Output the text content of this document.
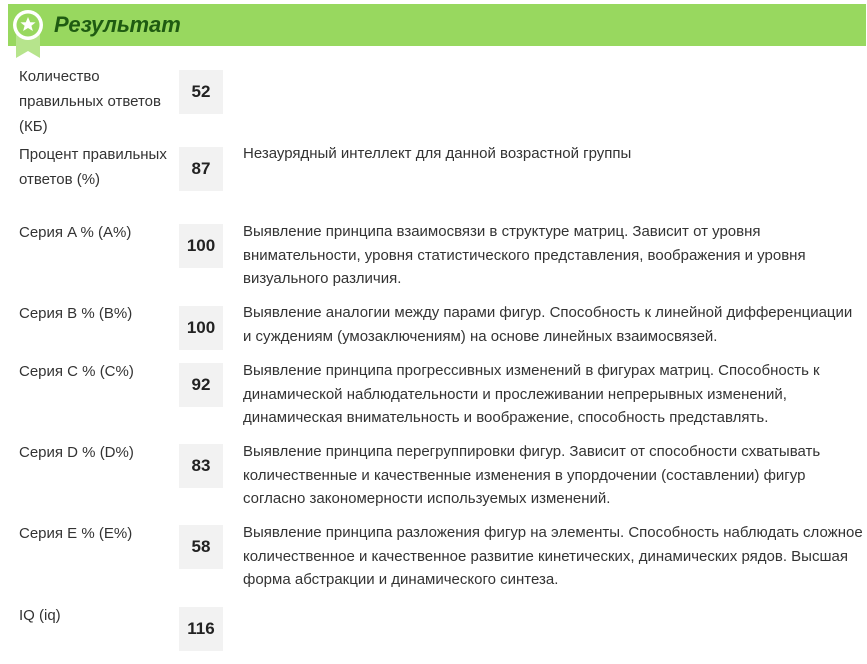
Результат
Количество правильных ответов (КБ)
52
Процент правильных ответов (%)
87
Незаурядный интеллект для данной возрастной группы
Серия A % (A%)
100
Выявление принципа взаимосвязи в структуре матриц. Зависит от уровня внимательности, уровня статистического представления, воображения и уровня визуального различия.
Серия B % (B%)
100
Выявление аналогии между парами фигур. Способность к линейной дифференциации и суждениям (умозаключениям) на основе линейных взаимосвязей.
Серия C % (C%)
92
Выявление принципа прогрессивных изменений в фигурах матриц. Способность к динамической наблюдательности и прослеживании непрерывных изменений, динамическая внимательность и воображение, способность представлять.
Серия D % (D%)
83
Выявление принципа перегруппировки фигур. Зависит от способности схватывать количественные и качественные изменения в упордочении (составлении) фигур согласно закономерности используемых изменений.
Серия E % (E%)
58
Выявление принципа разложения фигур на элементы. Способность наблюдать сложное количественное и качественное развитие кинетических, динамических рядов. Высшая форма абстракции и динамического синтеза.
IQ (iq)
116
